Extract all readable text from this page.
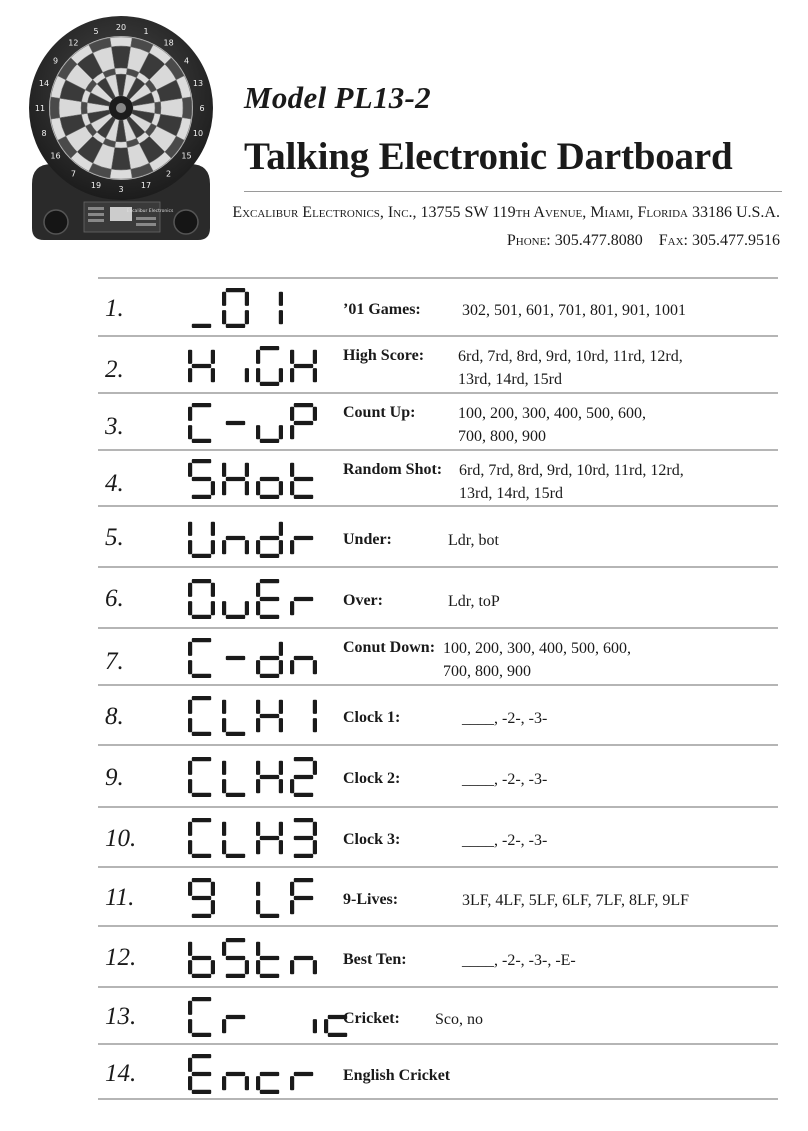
20 1
18
4
13
6
10
15
2
17
3
19
7
16
8
11
14
9
12
5
Excalibur Electronics
Model PL13-2
Talking Electronic Dartboard

Excalibur Electronics, Inc., 13755 SW 119th Avenue, Miami, Florida 33186 U.S.A.

Phone: 305.477.8080 Fax: 305.477.9516

1.	’01 Games:	302, 501, 601, 701, 801, 901, 1001
2.
High Score: 6rd, 7rd, 8rd, 9rd, 10rd, 11rd, 12rd,
13rd, 14rd, 15rd
3.
Count Up:	100, 200, 300, 400, 500, 600,
700, 800, 900
4.	Random Shot: 6rd, 7rd, 8rd, 9rd, 10rd, 11rd, 12rd,
13rd, 14rd, 15rd
5.	Under:	Ldr, bot
6.	Over:	Ldr, toP
7.
Conut Down: 100, 200, 300, 400, 500, 600,
700, 800, 900
8.	Clock 1:	____, -2-, -3-
9.	Clock 2:	____, -2-, -3-
10.	Clock 3:	____, -2-, -3-
11.	9-Lives:	3LF, 4LF, 5LF, 6LF, 7LF, 8LF, 9LF
12.	Best Ten:	____, -2-, -3-, -E-
13.	Cricket: Sco, no
14.	English Cricket
